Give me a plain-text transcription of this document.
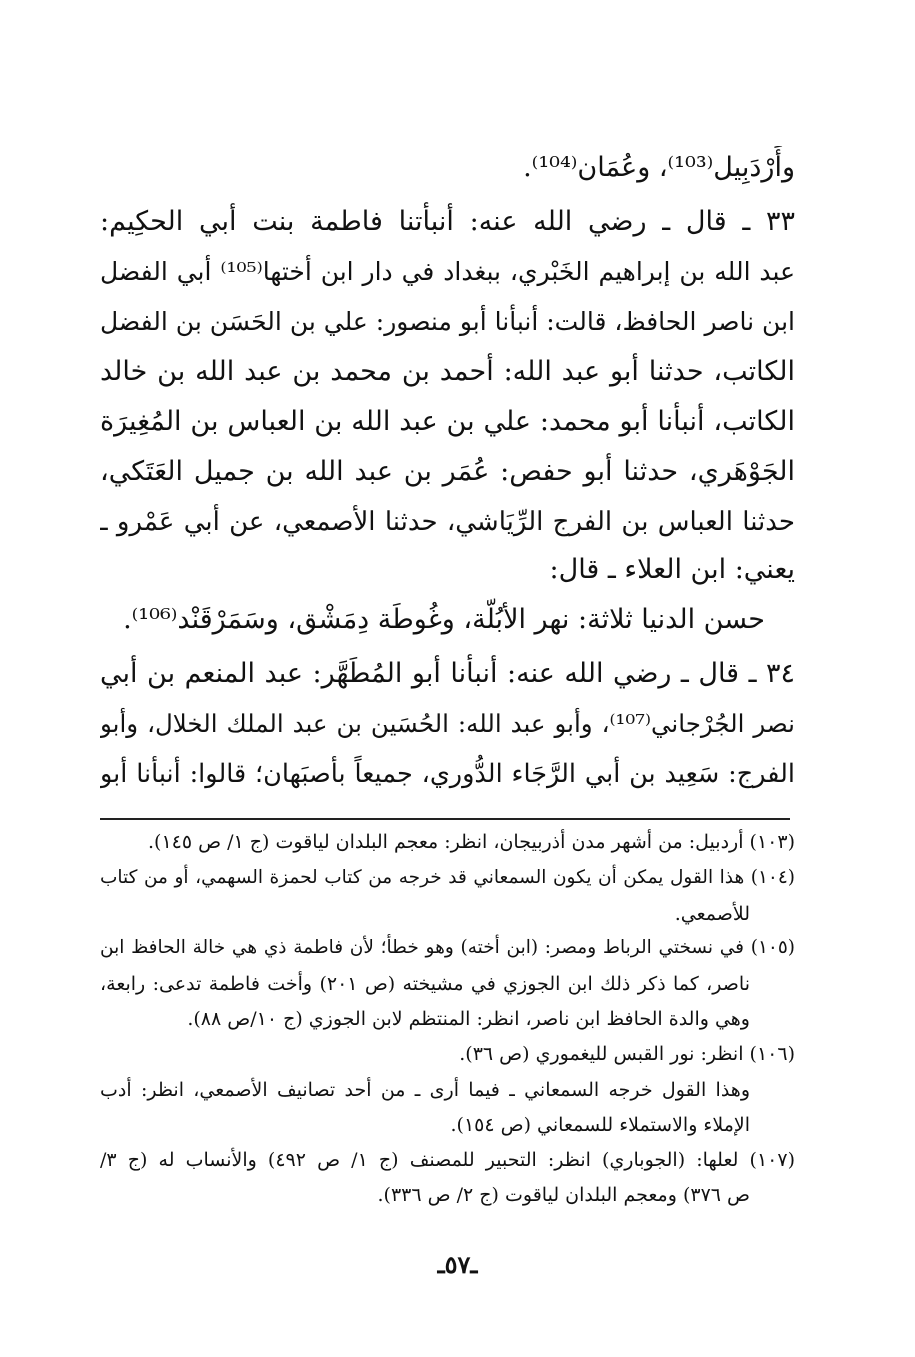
وأَرْدَبِيل⁽¹⁰³⁾، وعُمَان⁽¹⁰⁴⁾.
٣٣ ـ قال ـ رضي الله عنه: أنبأتنا فاطمة بنت أبي الحكِيم:
عبد الله بن إبراهيم الخَبْري، ببغداد في دار ابن أختها⁽¹⁰⁵⁾ أبي الفضل
ابن ناصر الحافظ، قالت: أنبأنا أبو منصور: علي بن الحَسَن بن الفضل
الكاتب، حدثنا أبو عبد الله: أحمد بن محمد بن عبد الله بن خالد
الكاتب، أنبأنا أبو محمد: علي بن عبد الله بن العباس بن المُغِيرَة
الجَوْهَري، حدثنا أبو حفص: عُمَر بن عبد الله بن جميل العَتَكي،
حدثنا العباس بن الفرج الرِّيَاشي، حدثنا الأصمعي، عن أبي عَمْرو ـ
يعني: ابن العلاء ـ قال:
حسن الدنيا ثلاثة: نهر الأبُلَّة، وغُوطَة دِمَشْق، وسَمَرْقَنْد⁽¹⁰⁶⁾.
٣٤ ـ قال ـ رضي الله عنه: أنبأنا أبو المُطَهَّر: عبد المنعم بن أبي
نصر الجُرْجاني⁽¹⁰⁷⁾، وأبو عبد الله: الحُسَين بن عبد الملك الخلال، وأبو
الفرج: سَعِيد بن أبي الرَّجَاء الدُّوري، جميعاً بأصبَهان؛ قالوا: أنبأنا أبو
(١٠٣) أردبيل: من أشهر مدن أذربيجان، انظر: معجم البلدان لياقوت (ج ١/ ص ١٤٥).
(١٠٤) هذا القول يمكن أن يكون السمعاني قد خرجه من كتاب لحمزة السهمي، أو من كتاب
للأصمعي.
(١٠٥) في نسختي الرباط ومصر: (ابن أخته) وهو خطأ؛ لأن فاطمة ذي هي خالة الحافظ ابن
ناصر، كما ذكر ذلك ابن الجوزي في مشيخته (ص ٢٠١) وأخت فاطمة تدعى: رابعة،
وهي والدة الحافظ ابن ناصر، انظر: المنتظم لابن الجوزي (ج ١٠/ص ٨٨).
(١٠٦) انظر: نور القبس لليغموري (ص ٣٦).
وهذا القول خرجه السمعاني ـ فيما أرى ـ من أحد تصانيف الأصمعي، انظر: أدب
الإملاء والاستملاء للسمعاني (ص ١٥٤).
(١٠٧) لعلها: (الجوباري) انظر: التحبير للمصنف (ج ١/ ص ٤٩٢) والأنساب له (ج ٣/
ص ٣٧٦) ومعجم البلدان لياقوت (ج ٢/ ص ٣٣٦).
ـ٥٧ـ
